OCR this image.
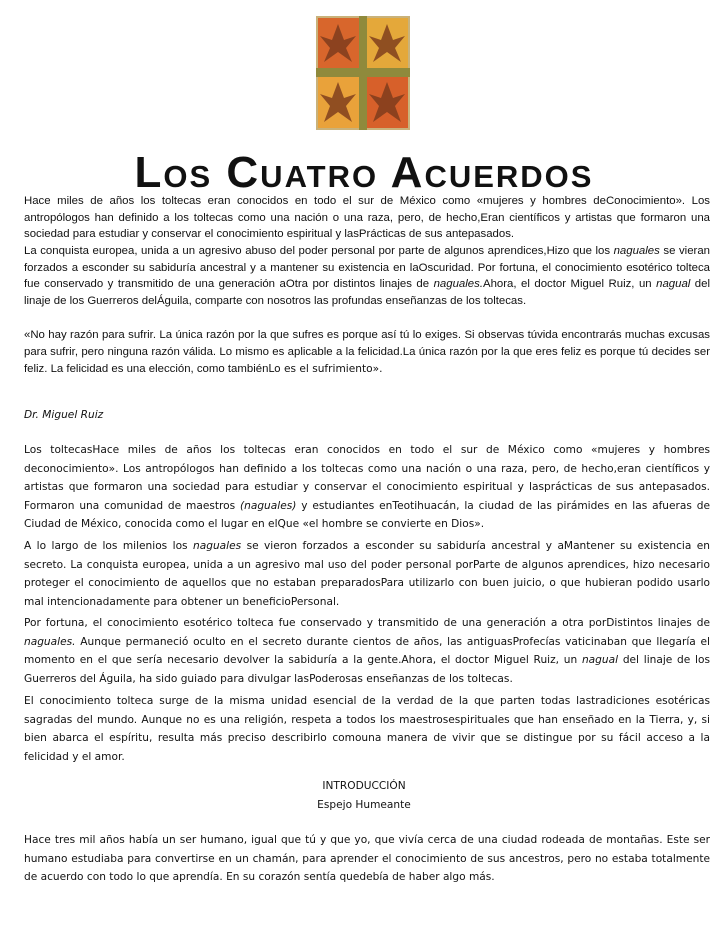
Los Cuatro Acuerdos

Hace miles de años los toltecas eran conocidos en todo el sur de México como «mujeres y hombres deConocimiento». Los antropólogos han definido a los toltecas como una nación o una raza, pero, de hecho,Eran científicos y artistas que formaron una sociedad para estudiar y conservar el conocimiento espiritual y lasPrácticas de sus antepasados.

La conquista europea, unida a un agresivo abuso del poder personal por parte de algunos aprendices,Hizo que los naguales se vieran forzados a esconder su sabiduría ancestral y a mantener su existencia en laOscuridad. Por fortuna, el conocimiento esotérico tolteca fue conservado y transmitido de una generación aOtra por distintos linajes de naguales.Ahora, el doctor Miguel Ruiz, un nagual del linaje de los Guerreros delÁguila, comparte con nosotros las profundas enseñanzas de los toltecas.

«No hay razón para sufrir. La única razón por la que sufres es porque así tú lo exiges. Si observas túvida encontrarás muchas excusas para sufrir, pero ninguna razón válida. Lo mismo es aplicable a la felicidad.La única razón por la que eres feliz es porque tú decides ser feliz. La felicidad es una elección, como tambiénLo es el sufrimiento».

Dr. Miguel Ruiz

Los toltecasHace miles de años los toltecas eran conocidos en todo el sur de México como «mujeres y hombres deconocimiento». Los antropólogos han definido a los toltecas como una nación o una raza, pero, de hecho,eran científicos y artistas que formaron una sociedad para estudiar y conservar el conocimiento espiritual y lasprácticas de sus antepasados. Formaron una comunidad de maestros (naguales) y estudiantes enTeotihuacán, la ciudad de las pirámides en las afueras de Ciudad de México, conocida como el lugar en elQue «el hombre se convierte en Dios».

A lo largo de los milenios los naguales se vieron forzados a esconder su sabiduría ancestral y aMantener su existencia en secreto. La conquista europea, unida a un agresivo mal uso del poder personal porParte de algunos aprendices, hizo necesario proteger el conocimiento de aquellos que no estaban preparadosPara utilizarlo con buen juicio, o que hubieran podido usarlo mal intencionadamente para obtener un beneficioPersonal.

Por fortuna, el conocimiento esotérico tolteca fue conservado y transmitido de una generación a otra porDistintos linajes de naguales. Aunque permaneció oculto en el secreto durante cientos de años, las antiguasProfecías vaticinaban que llegaría el momento en el que sería necesario devolver la sabiduría a la gente.Ahora, el doctor Miguel Ruiz, un nagual del linaje de los Guerreros del Águila, ha sido guiado para divulgar lasPoderosas enseñanzas de los toltecas.

El conocimiento tolteca surge de la misma unidad esencial de la verdad de la que parten todas lastradiciones esotéricas sagradas del mundo. Aunque no es una religión, respeta a todos los maestrosespirituales que han enseñado en la Tierra, y, si bien abarca el espíritu, resulta más preciso describirlo comouna manera de vivir que se distingue por su fácil acceso a la felicidad y el amor.

INTRODUCCIÓN

Espejo Humeante

Hace tres mil años había un ser humano, igual que tú y que yo, que vivía cerca de una ciudad rodeada de montañas. Este ser humano estudiaba para convertirse en un chamán, para aprender el conocimiento de sus ancestros, pero no estaba totalmente de acuerdo con todo lo que aprendía. En su corazón sentía quedebía de haber algo más.
